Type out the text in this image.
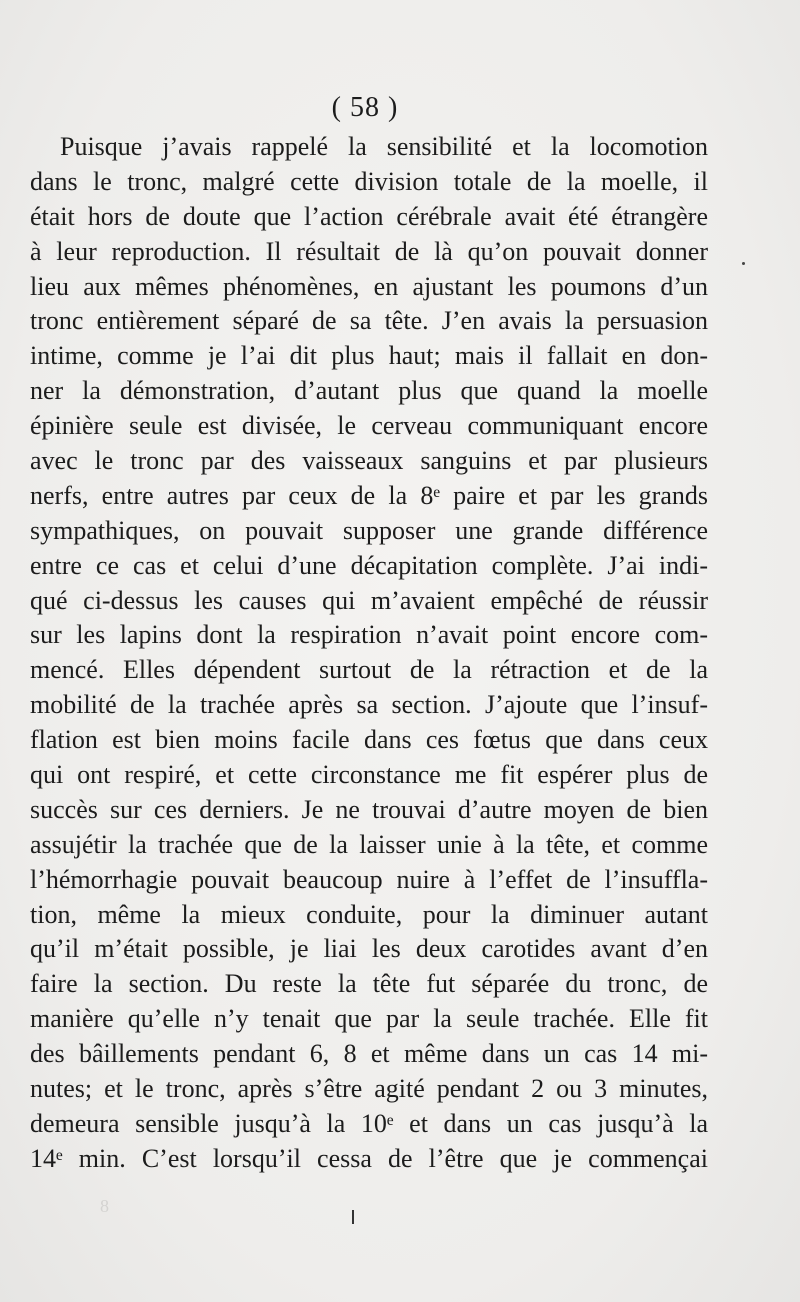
( 58 )
Puisque j’avais rappelé la sensibilité et la locomotion
dans le tronc, malgré cette division totale de la moelle, il
était hors de doute que l’action cérébrale avait été étrangère
à leur reproduction. Il résultait de là qu’on pouvait donner
lieu aux mêmes phénomènes, en ajustant les poumons d’un
tronc entièrement séparé de sa tête. J’en avais la persuasion
intime, comme je l’ai dit plus haut; mais il fallait en don-
ner la démonstration, d’autant plus que quand la moelle
épinière seule est divisée, le cerveau communiquant encore
avec le tronc par des vaisseaux sanguins et par plusieurs
nerfs, entre autres par ceux de la 8ᵉ paire et par les grands
sympathiques, on pouvait supposer une grande différence
entre ce cas et celui d’une décapitation complète. J’ai indi-
qué ci-dessus les causes qui m’avaient empêché de réussir
sur les lapins dont la respiration n’avait point encore com-
mencé. Elles dépendent surtout de la rétraction et de la
mobilité de la trachée après sa section. J’ajoute que l’insuf-
flation est bien moins facile dans ces fœtus que dans ceux
qui ont respiré, et cette circonstance me fit espérer plus de
succès sur ces derniers. Je ne trouvai d’autre moyen de bien
assujétir la trachée que de la laisser unie à la tête, et comme
l’hémorrhagie pouvait beaucoup nuire à l’effet de l’insuffla-
tion, même la mieux conduite, pour la diminuer autant
qu’il m’était possible, je liai les deux carotides avant d’en
faire la section. Du reste la tête fut séparée du tronc, de
manière qu’elle n’y tenait que par la seule trachée. Elle fit
des bâillements pendant 6, 8 et même dans un cas 14 mi-
nutes; et le tronc, après s’être agité pendant 2 ou 3 minutes,
demeura sensible jusqu’à la 10ᵉ et dans un cas jusqu’à la
14ᵉ min. C’est lorsqu’il cessa de l’être que je commençai
8
